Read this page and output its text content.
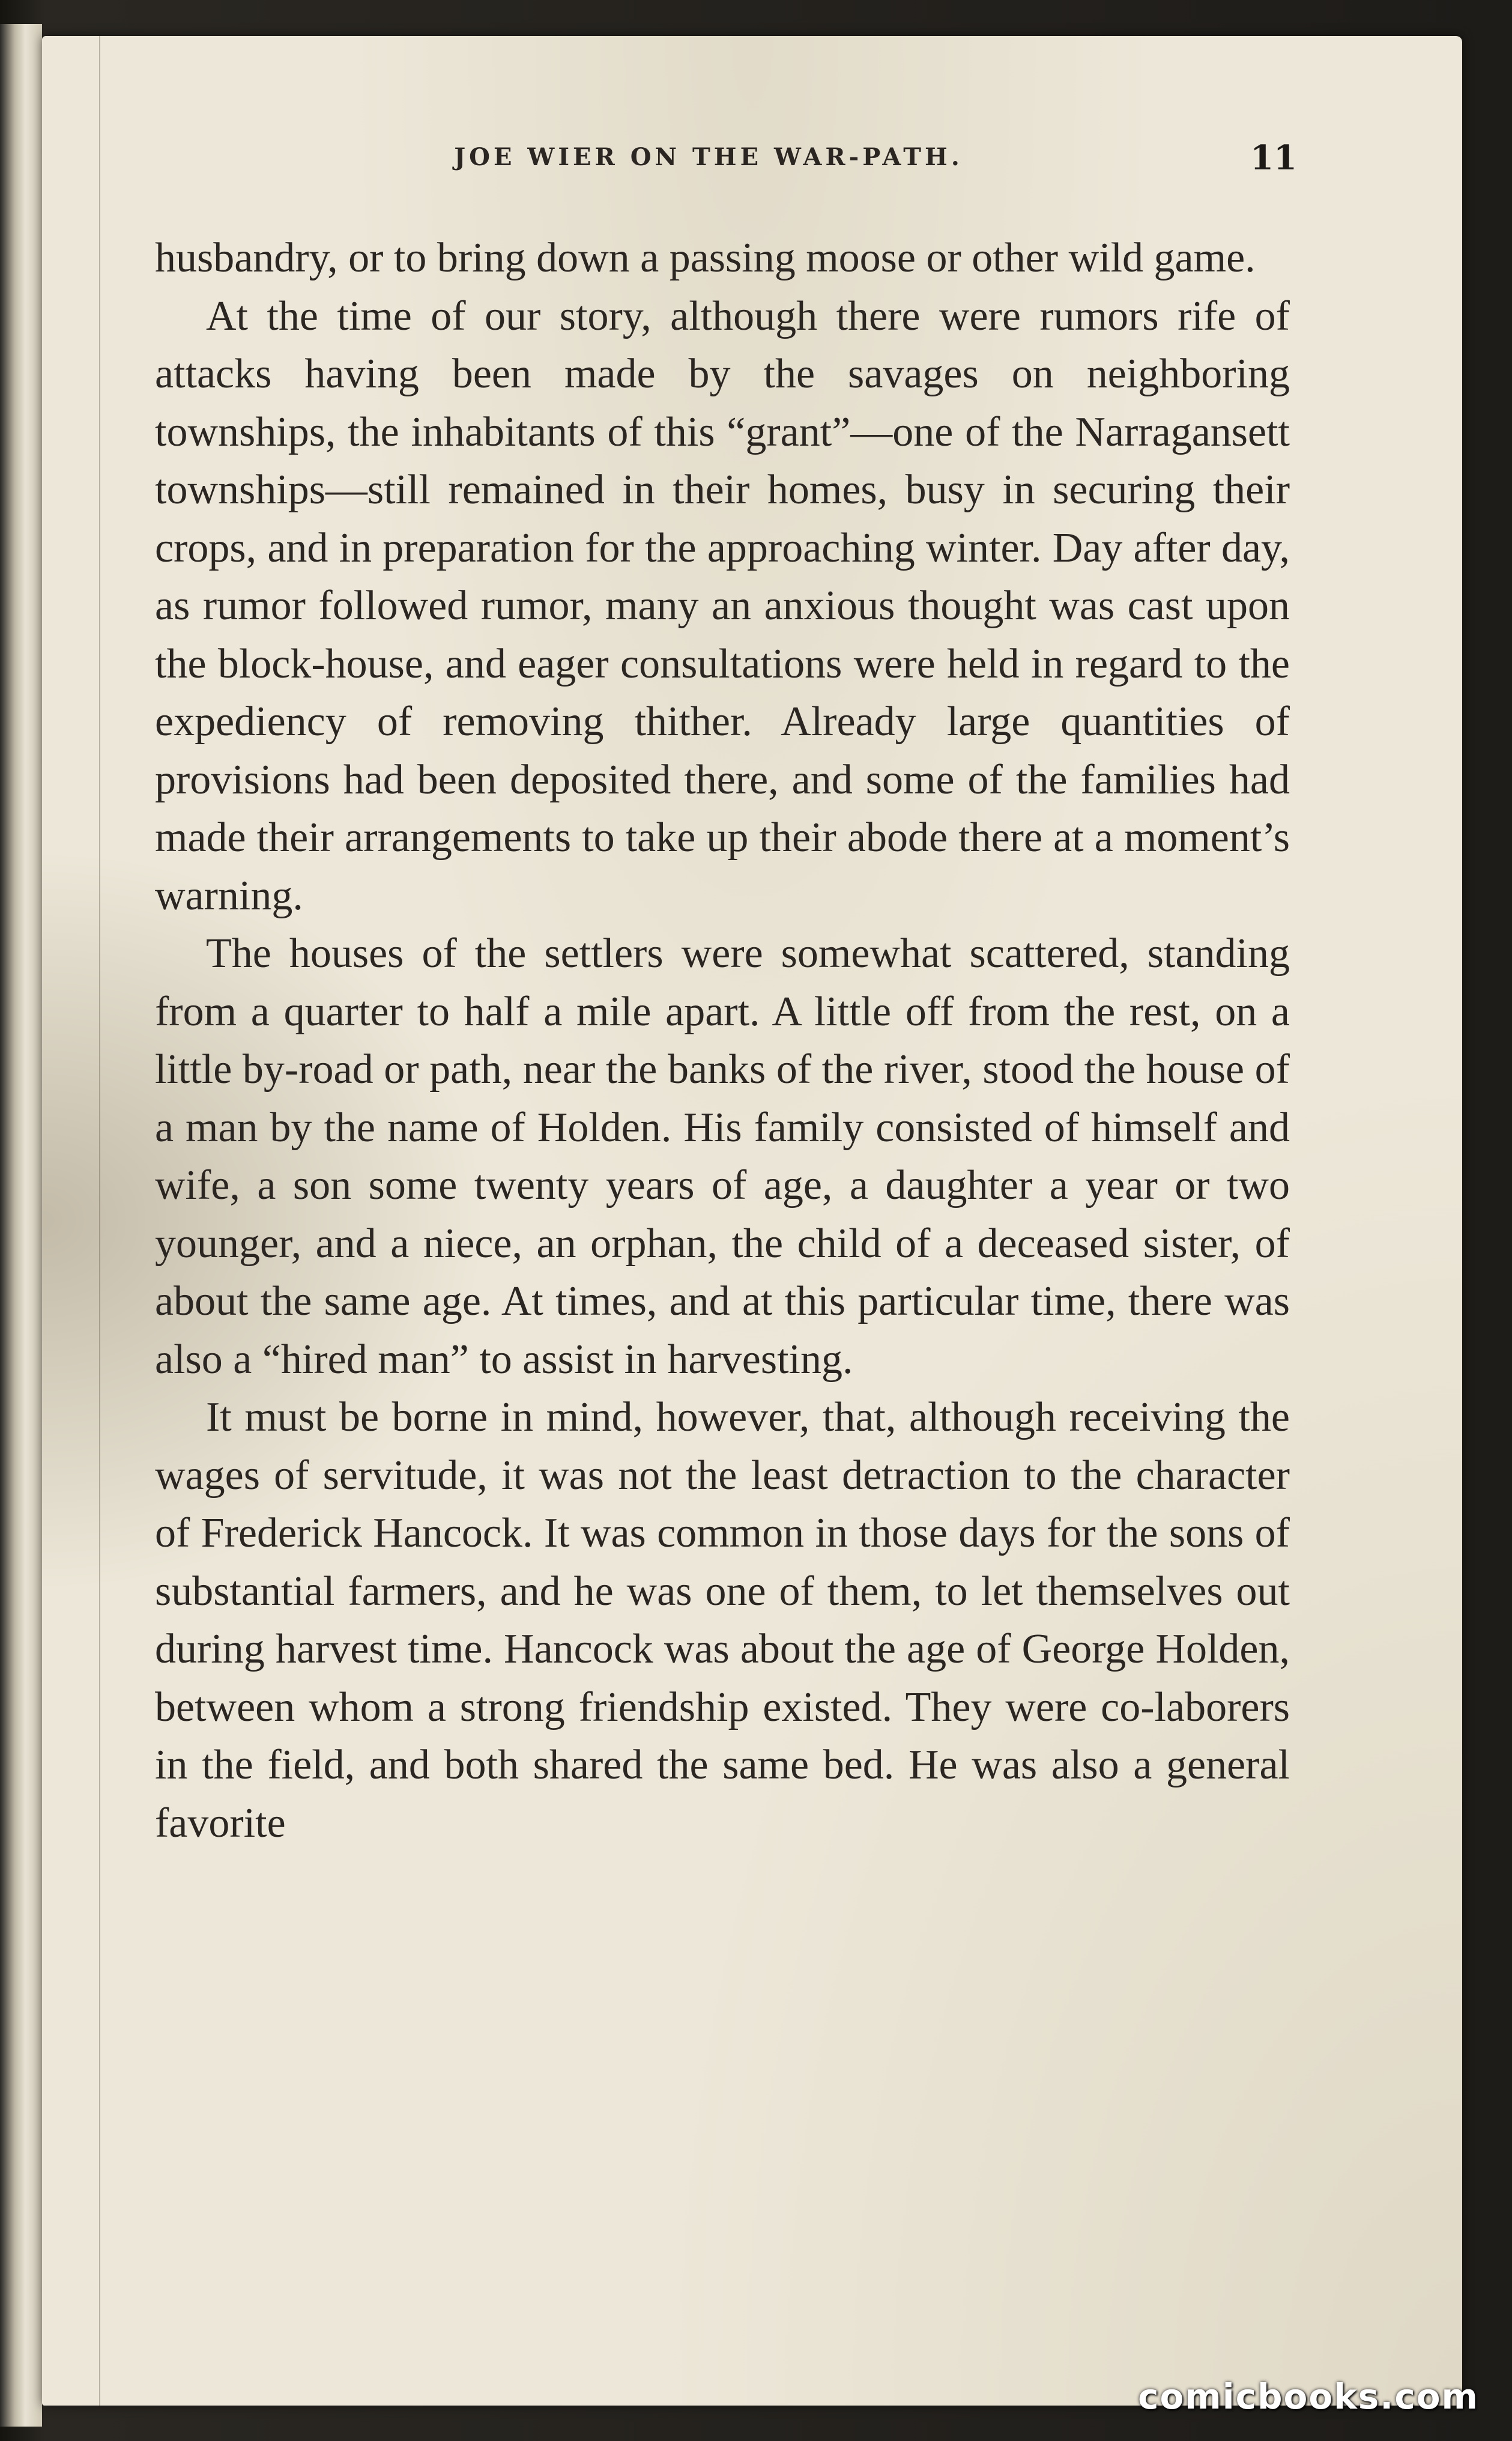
JOE WIER ON THE WAR-PATH.	11

husbandry, or to bring down a passing moose or other wild game.

At the time of our story, although there were rumors rife of attacks having been made by the savages on neighboring townships, the inhabitants of this “grant”—one of the Narragansett townships—still remained in their homes, busy in securing their crops, and in preparation for the approaching winter. Day after day, as rumor followed rumor, many an anxious thought was cast upon the block-house, and eager consultations were held in regard to the expediency of removing thither. Already large quantities of provisions had been deposited there, and some of the families had made their arrangements to take up their abode there at a moment’s warning.

The houses of the settlers were somewhat scattered, standing from a quarter to half a mile apart. A little off from the rest, on a little by-road or path, near the banks of the river, stood the house of a man by the name of Holden. His family consisted of himself and wife, a son some twenty years of age, a daughter a year or two younger, and a niece, an orphan, the child of a deceased sister, of about the same age. At times, and at this particular time, there was also a “hired man” to assist in harvesting.

It must be borne in mind, however, that, although receiving the wages of servitude, it was not the least detraction to the character of Frederick Hancock. It was common in those days for the sons of substantial farmers, and he was one of them, to let themselves out during harvest time. Hancock was about the age of George Holden, between whom a strong friendship existed. They were co-laborers in the field, and both shared the same bed. He was also a general favorite

comicbooks.com
